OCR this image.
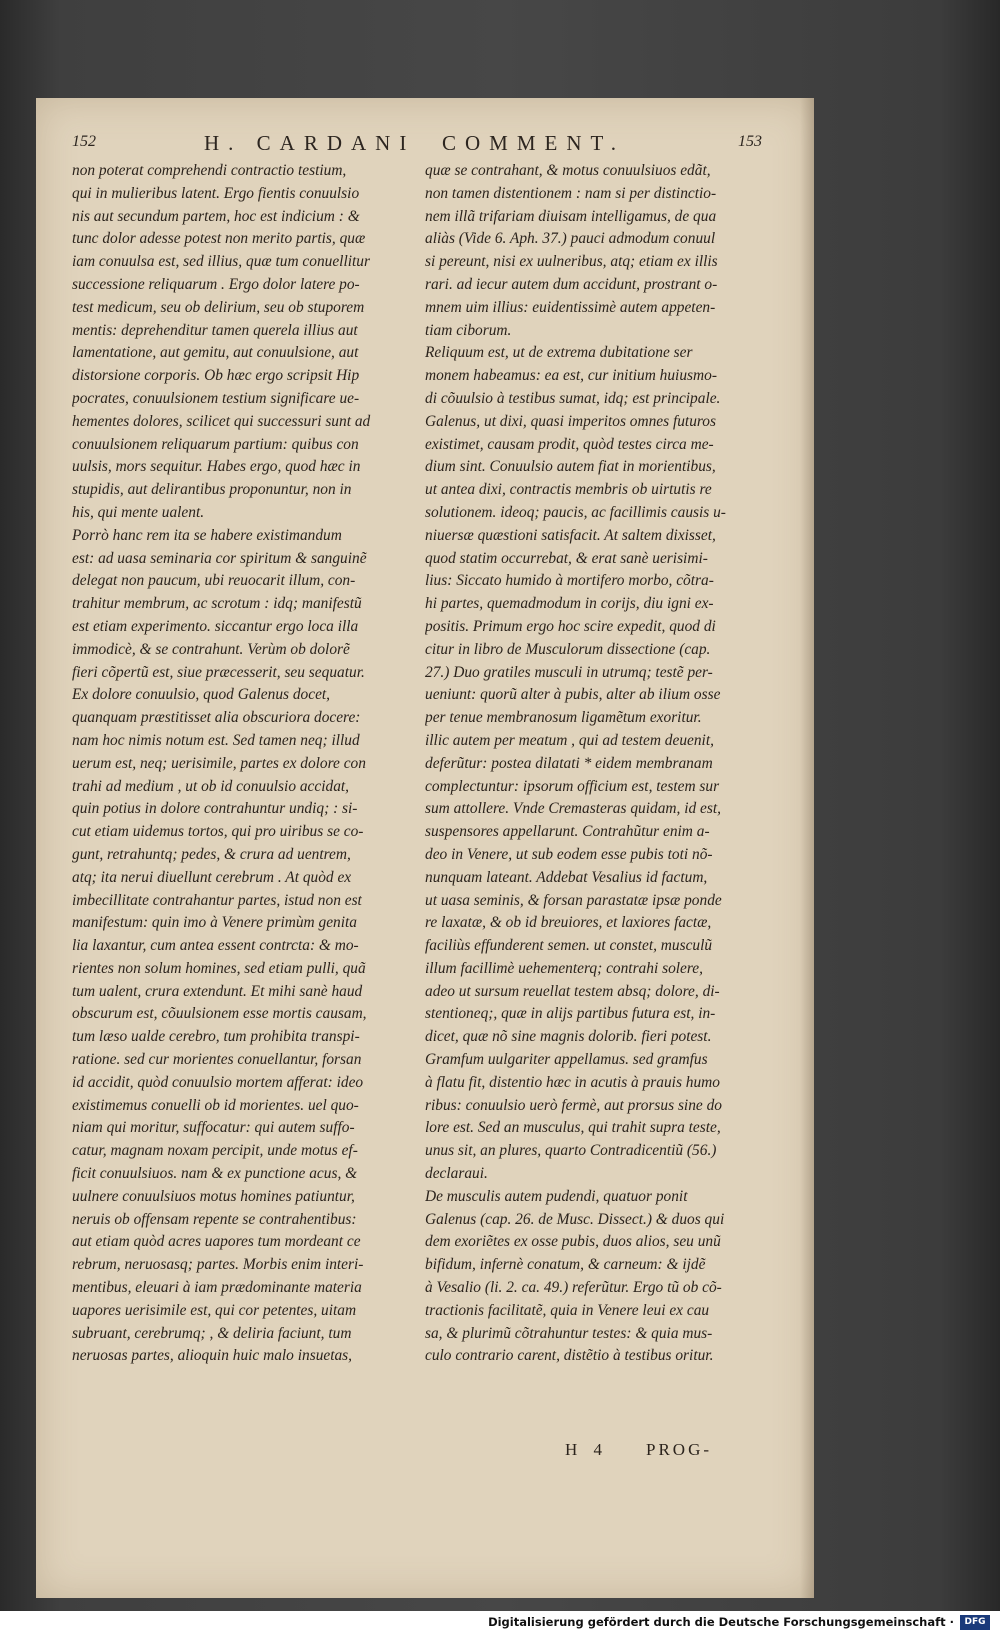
152	H. CARDANI COMMENT.	153
non poterat comprehendi contractio testium,
qui in mulieribus latent. Ergo fientis conuulsio
nis aut secundum partem, hoc est indicium : &
tunc dolor adesse potest non merito partis, quæ
iam conuulsa est, sed illius, quæ tum conuellitur
successione reliquarum . Ergo dolor latere po-
test medicum, seu ob delirium, seu ob stuporem
mentis: deprehenditur tamen querela illius aut
lamentatione, aut gemitu, aut conuulsione, aut
distorsione corporis. Ob hæc ergo scripsit Hip
pocrates, conuulsionem testium significare ue-
hementes dolores, scilicet qui successuri sunt ad
conuulsionem reliquarum partium: quibus con
uulsis, mors sequitur. Habes ergo, quod hæc in
stupidis, aut delirantibus proponuntur, non in
his, qui mente ualent.
Porrò hanc rem ita se habere existimandum
est: ad uasa seminaria cor spiritum & sanguinẽ
delegat non paucum, ubi reuocarit illum, con-
trahitur membrum, ac scrotum : idq; manifestũ
est etiam experimento. siccantur ergo loca illa
immodicè, & se contrahunt. Verùm ob dolorẽ
fieri cõpertũ est, siue præcesserit, seu sequatur.
Ex dolore conuulsio, quod Galenus docet,
quanquam præstitisset alia obscuriora docere:
nam hoc nimis notum est. Sed tamen neq; illud
uerum est, neq; uerisimile, partes ex dolore con
trahi ad medium , ut ob id conuulsio accidat,
quin potius in dolore contrahuntur undiq; : si-
cut etiam uidemus tortos, qui pro uiribus se co-
gunt, retrahuntq; pedes, & crura ad uentrem,
atq; ita nerui diuellunt cerebrum . At quòd ex
imbecillitate contrahantur partes, istud non est
manifestum: quin imo à Venere primùm genita
lia laxantur, cum antea essent contrcta: & mo-
rientes non solum homines, sed etiam pulli, quã
tum ualent, crura extendunt. Et mihi sanè haud
obscurum est, cõuulsionem esse mortis causam,
tum læso ualde cerebro, tum prohibita transpi-
ratione. sed cur morientes conuellantur, forsan
id accidit, quòd conuulsio mortem afferat: ideo
existimemus conuelli ob id morientes. uel quo-
niam qui moritur, suffocatur: qui autem suffo-
catur, magnam noxam percipit, unde motus ef-
ficit conuulsiuos. nam & ex punctione acus, &
uulnere conuulsiuos motus homines patiuntur,
neruis ob offensam repente se contrahentibus:
aut etiam quòd acres uapores tum mordeant ce
rebrum, neruosasq; partes. Morbis enim interi-
mentibus, eleuari à iam prædominante materia
uapores uerisimile est, qui cor petentes, uitam
subruant, cerebrumq; , & deliria faciunt, tum
neruosas partes, alioquin huic malo insuetas,
quæ se contrahant, & motus conuulsiuos edãt,
non tamen distentionem : nam si per distinctio-
nem illã trifariam diuisam intelligamus, de qua
aliàs (Vide 6. Aph. 37.) pauci admodum conuul
si pereunt, nisi ex uulneribus, atq; etiam ex illis
rari. ad iecur autem dum accidunt, prostrant o-
mnem uim illius: euidentissimè autem appeten-
tiam ciborum.
Reliquum est, ut de extrema dubitatione ser
monem habeamus: ea est, cur initium huiusmo-
di cõuulsio à testibus sumat, idq; est principale.
Galenus, ut dixi, quasi imperitos omnes futuros
existimet, causam prodit, quòd testes circa me-
dium sint. Conuulsio autem fiat in morientibus,
ut antea dixi, contractis membris ob uirtutis re
solutionem. ideoq; paucis, ac facillimis causis u-
niuersæ quæstioni satisfacit. At saltem dixisset,
quod statim occurrebat, & erat sanè uerisimi-
lius: Siccato humido à mortifero morbo, cõtra-
hi partes, quemadmodum in corijs, diu igni ex-
positis. Primum ergo hoc scire expedit, quod di
citur in libro de Musculorum dissectione (cap.
27.) Duo gratiles musculi in utrumq; testẽ per-
ueniunt: quorũ alter à pubis, alter ab ilium osse
per tenue membranosum ligamẽtum exoritur.
illic autem per meatum , qui ad testem deuenit,
deferũtur: postea dilatati * eidem membranam
complectuntur: ipsorum officium est, testem sur
sum attollere. Vnde Cremasteras quidam, id est,
suspensores appellarunt. Contrahũtur enim a-
deo in Venere, ut sub eodem esse pubis toti nõ-
nunquam lateant. Addebat Vesalius id factum,
ut uasa seminis, & forsan parastatæ ipsæ ponde
re laxatæ, & ob id breuiores, et laxiores factæ,
faciliùs effunderent semen. ut constet, musculũ
illum facillimè uehementerq; contrahi solere,
adeo ut sursum reuellat testem absq; dolore, di-
stentioneq;, quæ in alijs partibus futura est, in-
dicet, quæ nõ sine magnis dolorib. fieri potest.
Gramfum uulgariter appellamus. sed gramfus
à flatu fit, distentio hæc in acutis à prauis humo
ribus: conuulsio uerò fermè, aut prorsus sine do
lore est. Sed an musculus, qui trahit supra teste,
unus sit, an plures, quarto Contradicentiũ (56.)
declaraui.
De musculis autem pudendi, quatuor ponit
Galenus (cap. 26. de Musc. Dissect.) & duos qui
dem exoriẽtes ex osse pubis, duos alios, seu unũ
bifidum, infernè conatum, & carneum: & ijdẽ
à Vesalio (li. 2. ca. 49.) referũtur. Ergo tũ ob cõ-
tractionis facilitatẽ, quia in Venere leui ex cau
sa, & plurimũ cõtrahuntur testes: & quia mus-
culo contrario carent, distẽtio à testibus oritur.
H 4 PROG-
Digitalisierung gefördert durch die Deutsche Forschungsgemeinschaft ·	DFG
